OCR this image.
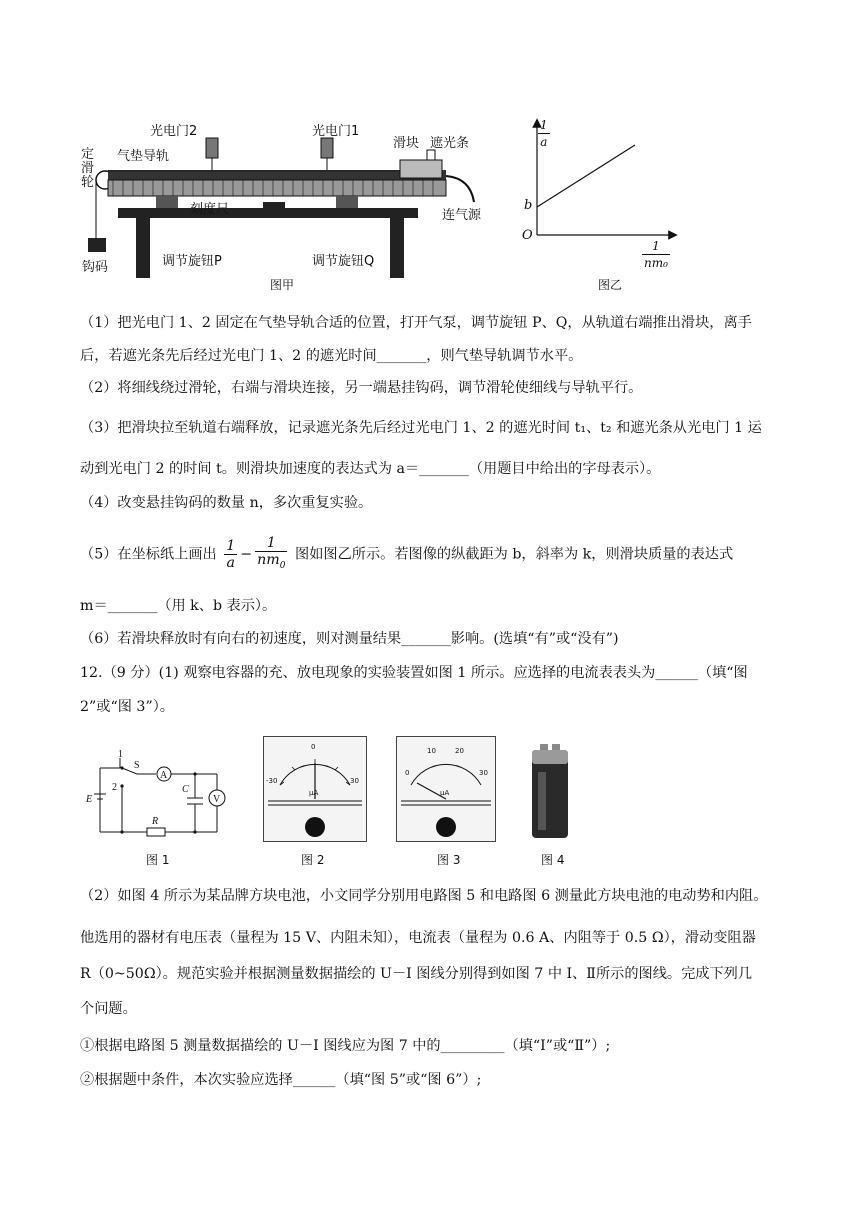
光电门2	光电门1
滑块 遮光条
定滑轮
气垫导轨
刻度尺	连气源
钩码	调节旋钮P	调节旋钮Q
图甲
$\frac{1}{a}$
b
O
$\frac{1}{\text{nm₀}}$
图乙
（1）把光电门 1、2 固定在气垫导轨合适的位置，打开气泵，调节旋钮 P、Q，从轨道右端推出滑块，离手
后，若遮光条先后经过光电门 1、2 的遮光时间_______，则气垫导轨调节水平。
（2）将细线绕过滑轮，右端与滑块连接，另一端悬挂钩码，调节滑轮使细线与导轨平行。
（3）把滑块拉至轨道右端释放，记录遮光条先后经过光电门 1、2 的遮光时间 t₁、t₂ 和遮光条从光电门 1 运
动到光电门 2 的时间 t。则滑块加速度的表达式为 a＝_______（用题目中给出的字母表示）。
（4）改变悬挂钩码的数量 n，多次重复实验。
（5）在坐标纸上画出 $\frac{1}{a} - \frac{1}{nm_0}$ 图如图乙所示。若图像的纵截距为 b，斜率为 k，则滑块质量的表达式
m＝_______（用 k、b 表示）。
（6）若滑块释放时有向右的初速度，则对测量结果_______影响。(选填“有”或“没有”)
12.（9 分）(1) 观察电容器的充、放电现象的实验装置如图 1 所示。应选择的电流表表头为______（填“图
2”或“图 3”）。
1
S
A
2
E
C
V
R
图 1
0
-30	30
μA
图 2
0
10	20
30
μA
图 3	图 4
（2）如图 4 所示为某品牌方块电池，小文同学分别用电路图 5 和电路图 6 测量此方块电池的电动势和内阻。
他选用的器材有电压表（量程为 15 V、内阻未知），电流表（量程为 0.6 A、内阻等于 0.5 Ω），滑动变阻器
R（0~50Ω）。规范实验并根据测量数据描绘的 U－I 图线分别得到如图 7 中 I、Ⅱ所示的图线。完成下列几
个问题。
①根据电路图 5 测量数据描绘的 U－I 图线应为图 7 中的_________（填“I”或“Ⅱ”）;
②根据题中条件，本次实验应选择______（填“图 5”或“图 6”）;
